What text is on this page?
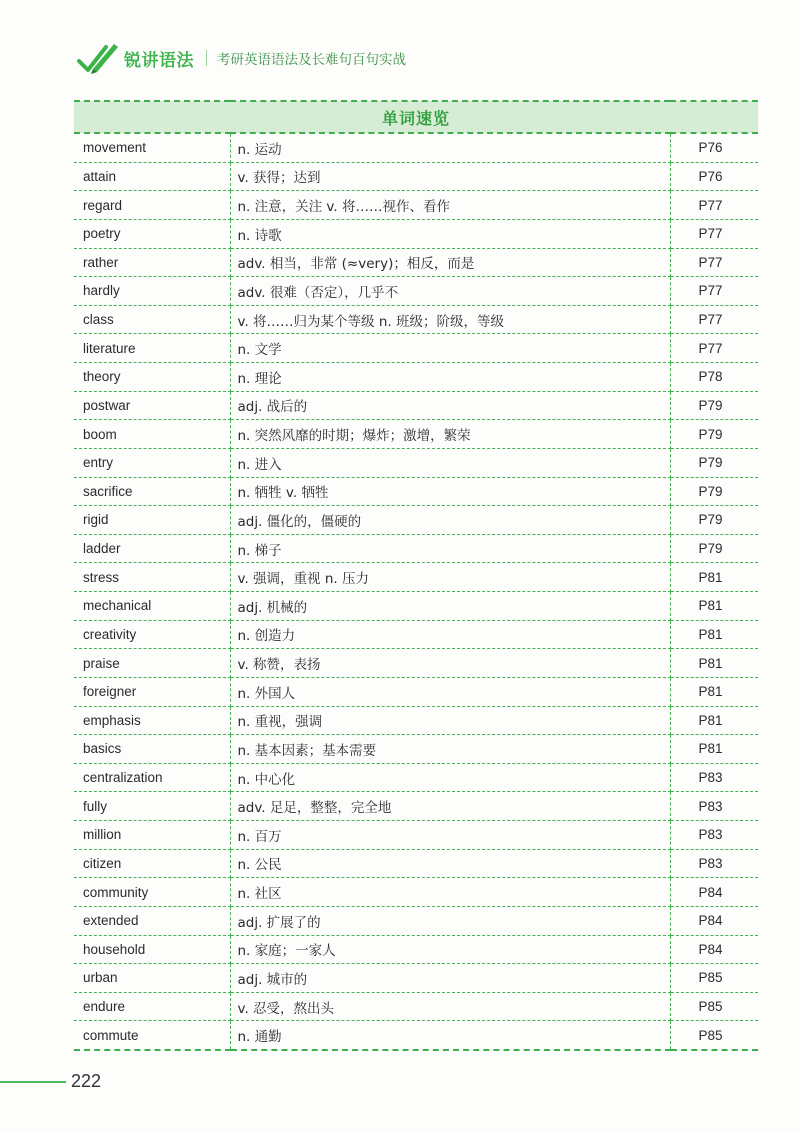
锐讲语法 考研英语语法及长难句百句实战
单词速览		
movement	n. 运动	P76
attain	v. 获得；达到	P76
regard	n. 注意，关注 v. 将……视作、看作	P77
poetry	n. 诗歌	P77
rather	adv. 相当，非常 (≈very)；相反，而是	P77
hardly	adv. 很难（否定），几乎不	P77
class	v. 将……归为某个等级 n. 班级；阶级，等级	P77
literature	n. 文学	P77
theory	n. 理论	P78
postwar	adj. 战后的	P79
boom	n. 突然风靡的时期；爆炸；激增，繁荣	P79
entry	n. 进入	P79
sacrifice	n. 牺牲 v. 牺牲	P79
rigid	adj. 僵化的，僵硬的	P79
ladder	n. 梯子	P79
stress	v. 强调，重视 n. 压力	P81
mechanical	adj. 机械的	P81
creativity	n. 创造力	P81
praise	v. 称赞，表扬	P81
foreigner	n. 外国人	P81
emphasis	n. 重视，强调	P81
basics	n. 基本因素；基本需要	P81
centralization	n. 中心化	P83
fully	adv. 足足，整整，完全地	P83
million	n. 百万	P83
citizen	n. 公民	P83
community	n. 社区	P84
extended	adj. 扩展了的	P84
household	n. 家庭；一家人	P84
urban	adj. 城市的	P85
endure	v. 忍受，熬出头	P85
commute	n. 通勤	P85
222
